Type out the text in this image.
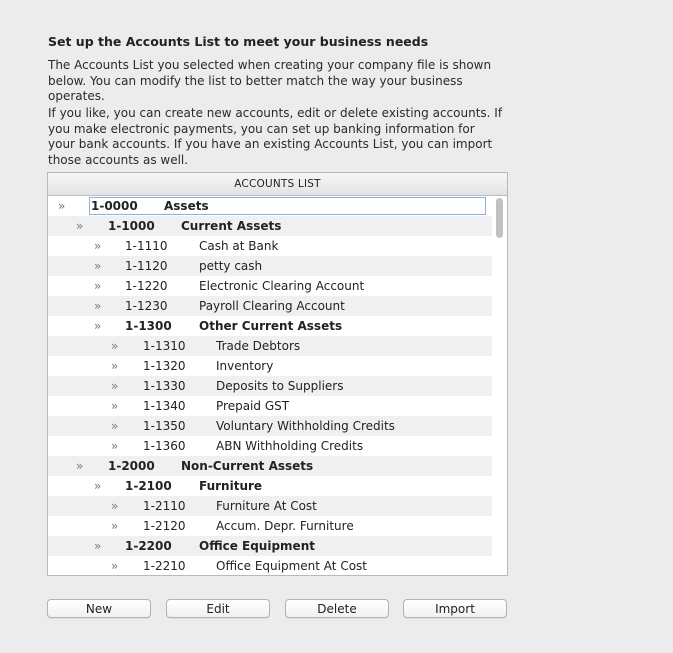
Set up the Accounts List to meet your business needs
The Accounts List you selected when creating your company file is shown below. You can modify the list to better match the way your business operates.
If you like, you can create new accounts, edit or delete existing accounts. If you make electronic payments, you can set up banking information for your bank accounts. If you have an existing Accounts List, you can import those accounts as well.
ACCOUNTS LIST
»	1-0000 Assets
»	1-1000 Current Assets
»	1-1110	Cash at Bank
»	1-1120	petty cash
»	1-1220	Electronic Clearing Account
»	1-1230	Payroll Clearing Account
»	1-1300 Other Current Assets
»	1-1310	Trade Debtors
»	1-1320	Inventory
»	1-1330	Deposits to Suppliers
»	1-1340	Prepaid GST
»	1-1350	Voluntary Withholding Credits
»	1-1360	ABN Withholding Credits
»	1-2000 Non-Current Assets
»	1-2100 Furniture
»	1-2110	Furniture At Cost
»	1-2120	Accum. Depr. Furniture
»	1-2200 Office Equipment
»	1-2210	Office Equipment At Cost
New	Edit	Delete	Import
